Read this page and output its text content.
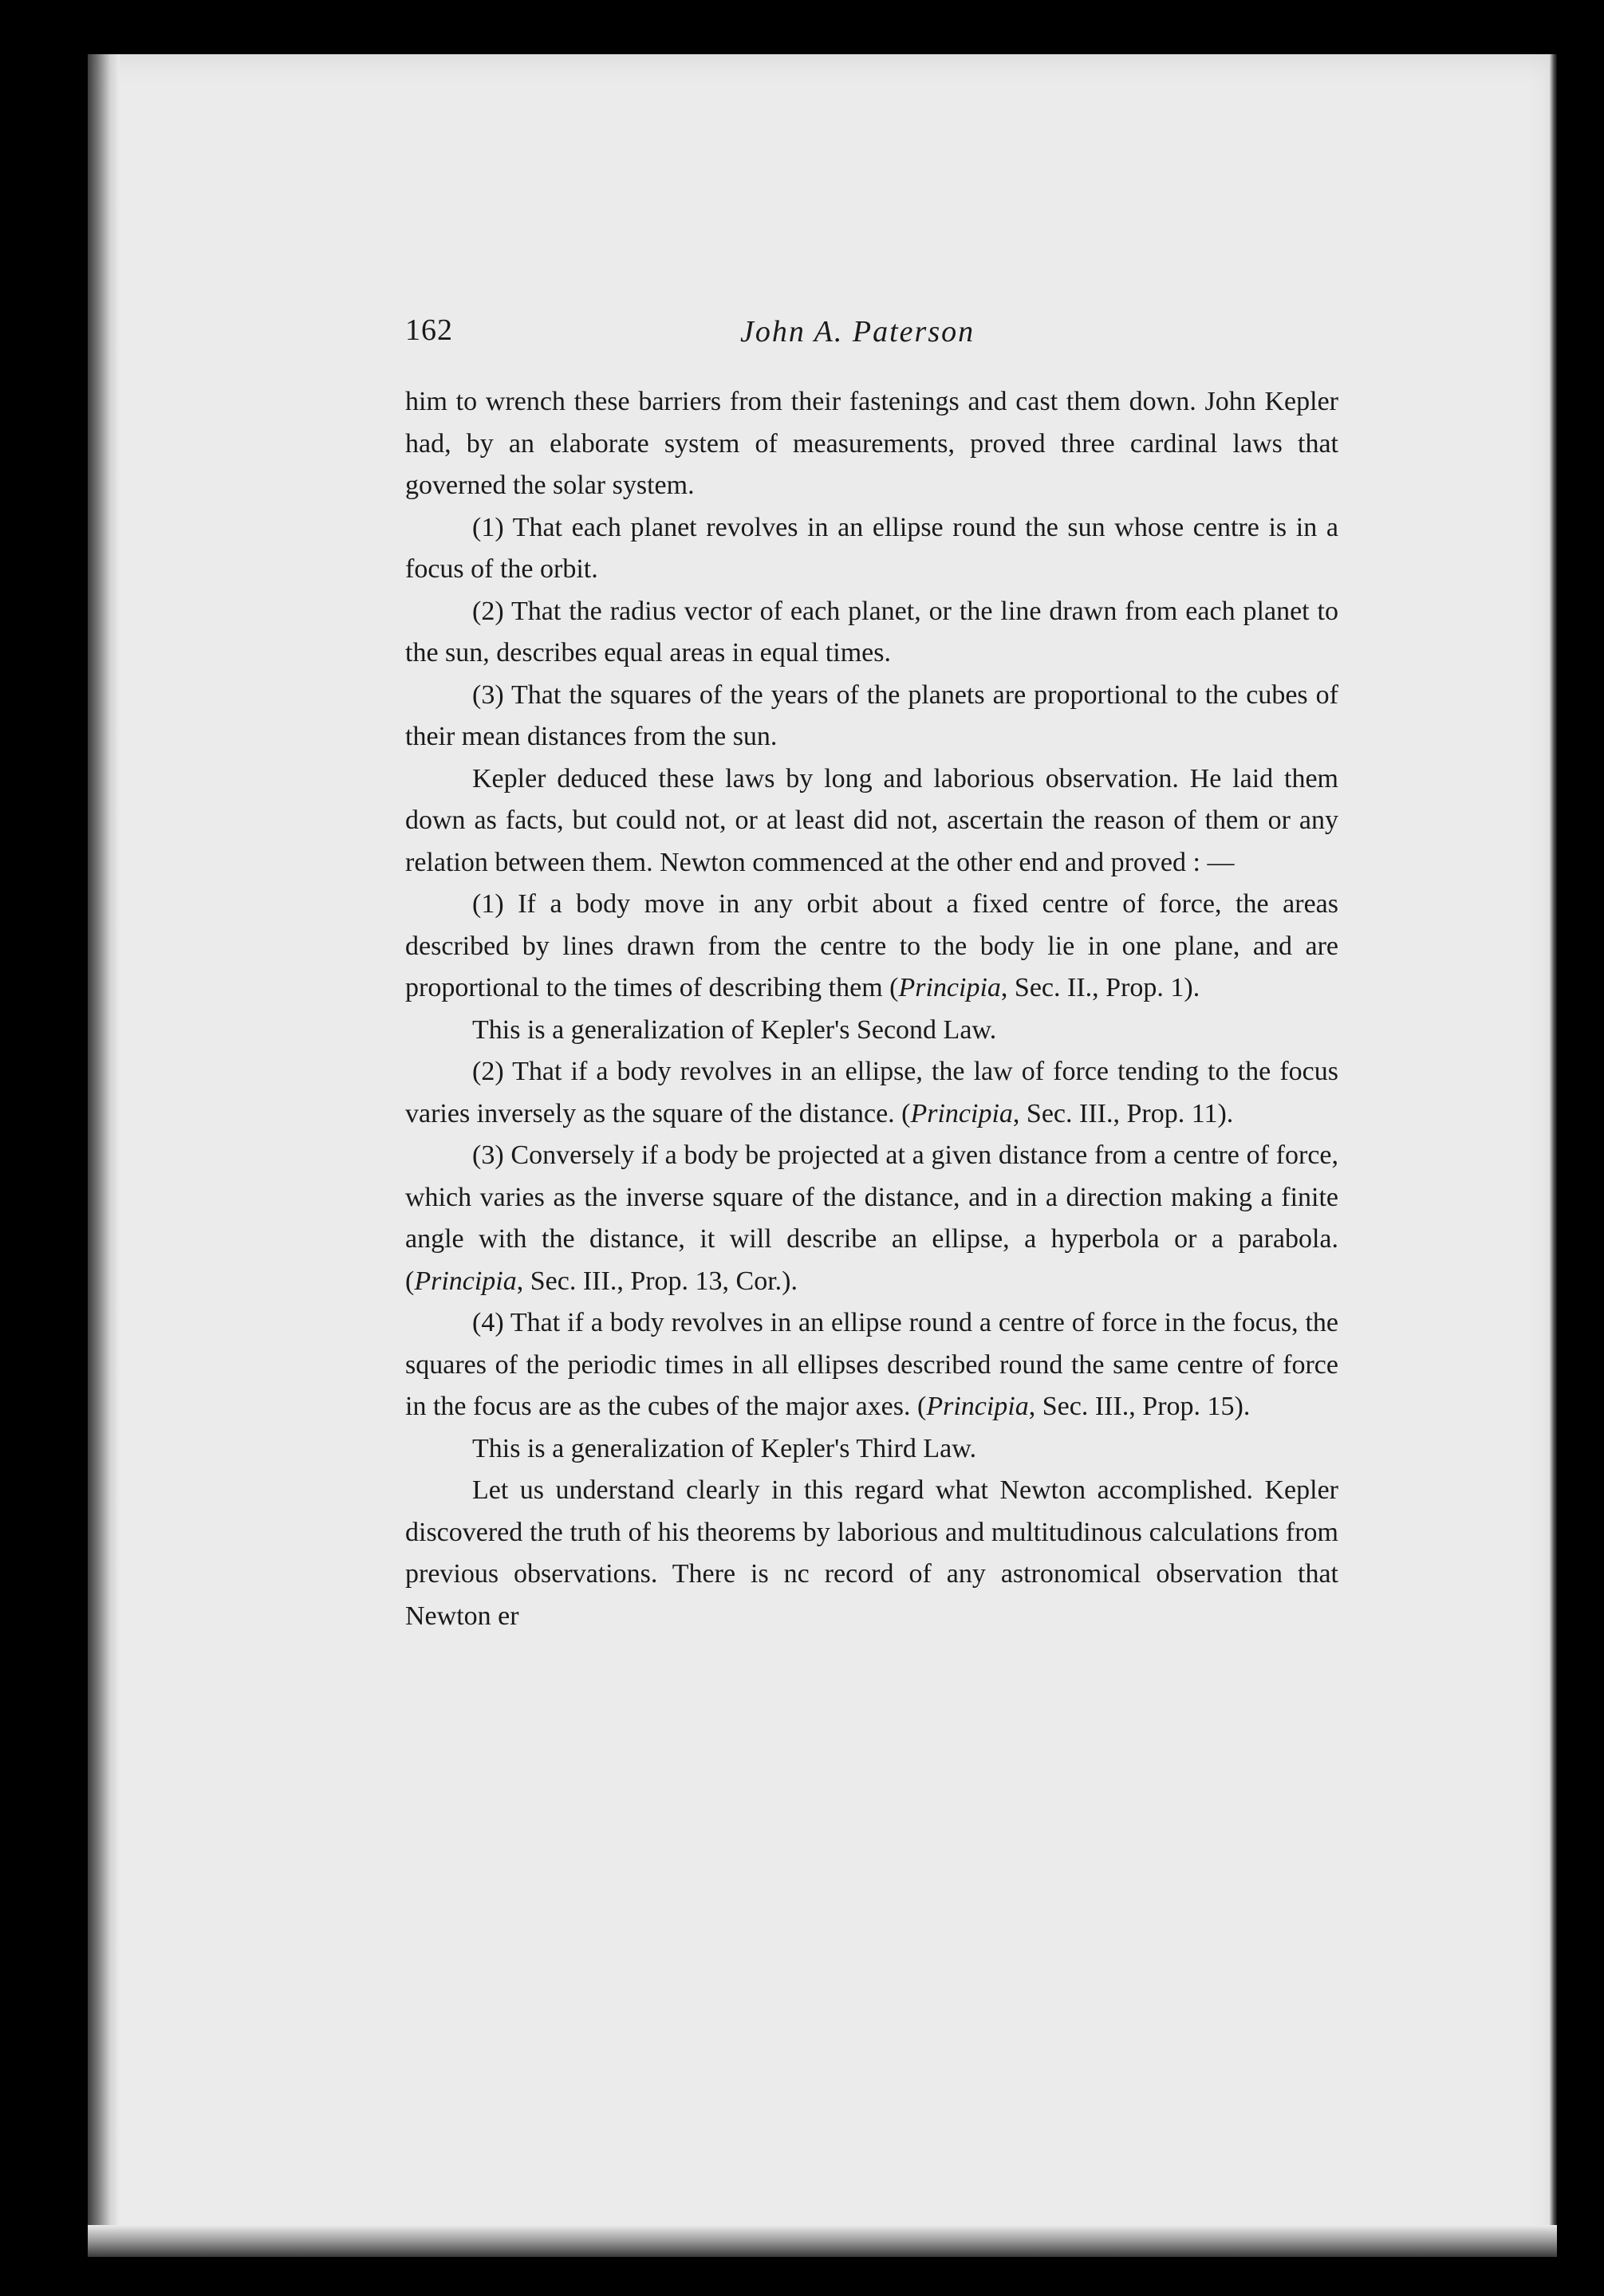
162	John A. Paterson

him to wrench these barriers from their fastenings and cast them down. John Kepler had, by an elaborate system of measurements, proved three cardinal laws that governed the solar system.

(1) That each planet revolves in an ellipse round the sun whose centre is in a focus of the orbit.

(2) That the radius vector of each planet, or the line drawn from each planet to the sun, describes equal areas in equal times.

(3) That the squares of the years of the planets are proportional to the cubes of their mean distances from the sun.

Kepler deduced these laws by long and laborious observation. He laid them down as facts, but could not, or at least did not, ascertain the reason of them or any relation between them. Newton commenced at the other end and proved : —

(1) If a body move in any orbit about a fixed centre of force, the areas described by lines drawn from the centre to the body lie in one plane, and are proportional to the times of describing them (Principia, Sec. II., Prop. 1).

This is a generalization of Kepler's Second Law.

(2) That if a body revolves in an ellipse, the law of force tending to the focus varies inversely as the square of the distance. (Principia, Sec. III., Prop. 11).

(3) Conversely if a body be projected at a given distance from a centre of force, which varies as the inverse square of the distance, and in a direction making a finite angle with the distance, it will describe an ellipse, a hyperbola or a parabola. (Principia, Sec. III., Prop. 13, Cor.).

(4) That if a body revolves in an ellipse round a centre of force in the focus, the squares of the periodic times in all ellipses described round the same centre of force in the focus are as the cubes of the major axes. (Principia, Sec. III., Prop. 15).

This is a generalization of Kepler's Third Law.

Let us understand clearly in this regard what Newton accomplished. Kepler discovered the truth of his theorems by laborious and multitudinous calculations from previous observations. There is nc record of any astronomical observation that Newton er
